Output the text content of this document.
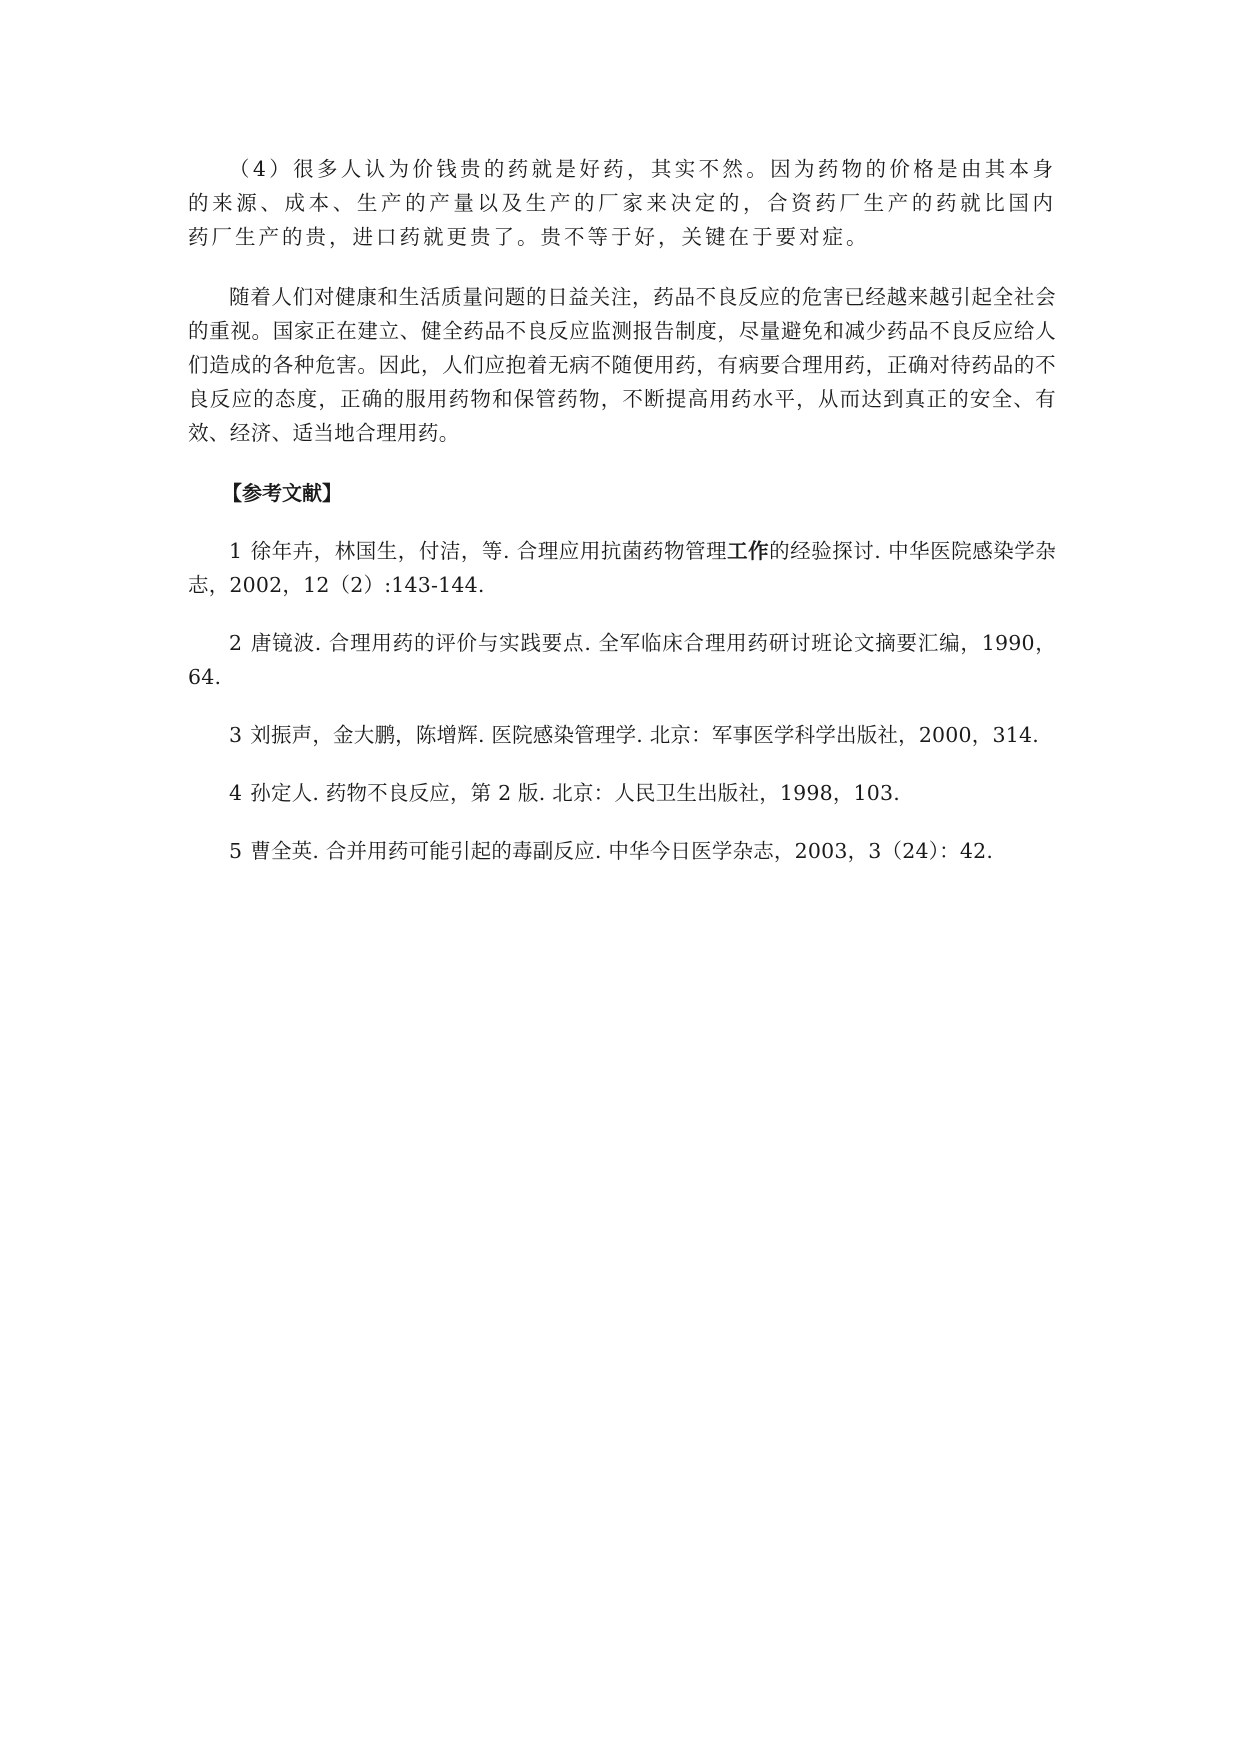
（4）很多人认为价钱贵的药就是好药，其实不然。因为药物的价格是由其本身的来源、成本、生产的产量以及生产的厂家来决定的，合资药厂生产的药就比国内药厂生产的贵，进口药就更贵了。贵不等于好，关键在于要对症。

随着人们对健康和生活质量问题的日益关注，药品不良反应的危害已经越来越引起全社会的重视。国家正在建立、健全药品不良反应监测报告制度，尽量避免和减少药品不良反应给人们造成的各种危害。因此，人们应抱着无病不随便用药，有病要合理用药，正确对待药品的不良反应的态度，正确的服用药物和保管药物，不断提高用药水平，从而达到真正的安全、有效、经济、适当地合理用药。

【参考文献】
1 徐年卉，林国生，付洁，等. 合理应用抗菌药物管理工作的经验探讨. 中华医院感染学杂志，2002，12（2）:143-144.
2 唐镜波. 合理用药的评价与实践要点. 全军临床合理用药研讨班论文摘要汇编，1990，64.
3 刘振声，金大鹏，陈增辉. 医院感染管理学. 北京：军事医学科学出版社，2000，314.
4 孙定人. 药物不良反应，第 2 版. 北京：人民卫生出版社，1998，103.
5 曹全英. 合并用药可能引起的毒副反应. 中华今日医学杂志，2003，3（24）：42.
